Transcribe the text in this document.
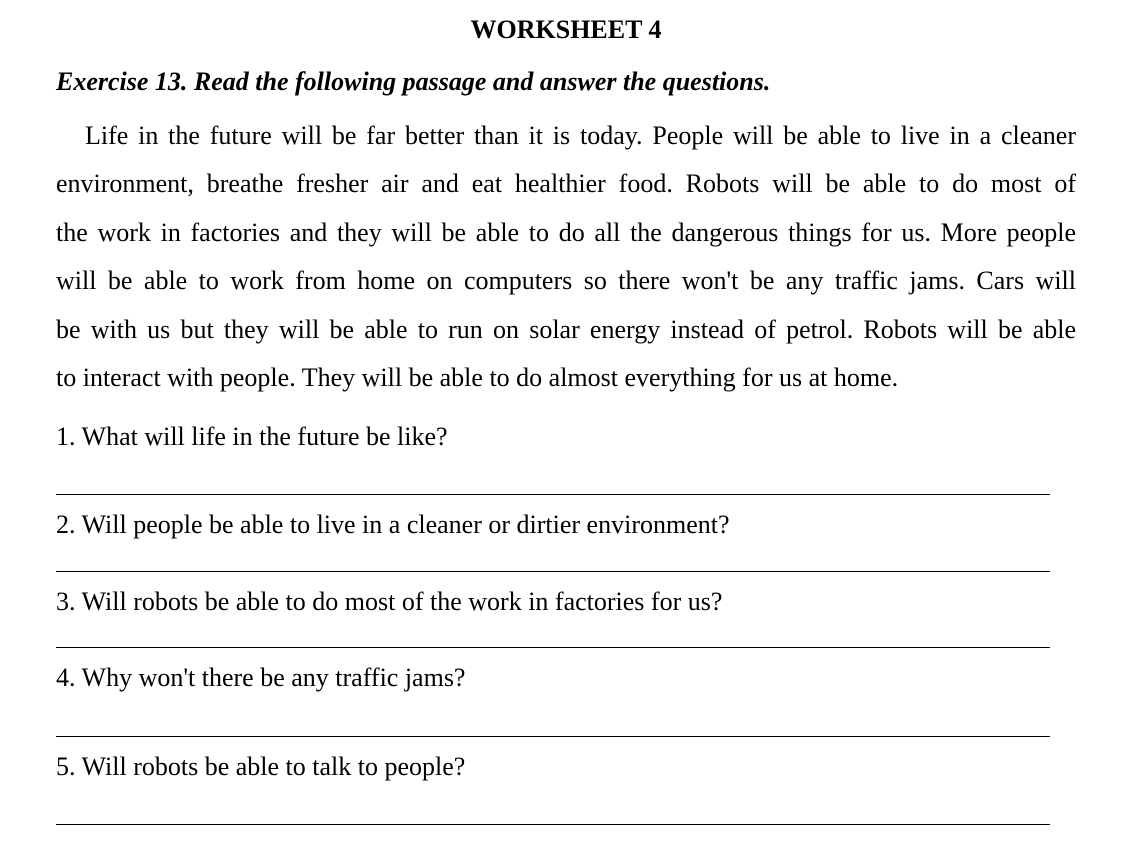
WORKSHEET 4

Exercise 13. Read the following passage and answer the questions.

Life in the future will be far better than it is today. People will be able to live in a cleaner
environment, breathe fresher air and eat healthier food. Robots will be able to do most of
the work in factories and they will be able to do all the dangerous things for us. More people
will be able to work from home on computers so there won't be any traffic jams. Cars will
be with us but they will be able to run on solar energy instead of petrol. Robots will be able
to interact with people. They will be able to do almost everything for us at home.

1. What will life in the future be like?

2. Will people be able to live in a cleaner or dirtier environment?

3. Will robots be able to do most of the work in factories for us?

4. Why won't there be any traffic jams?

5. Will robots be able to talk to people?
